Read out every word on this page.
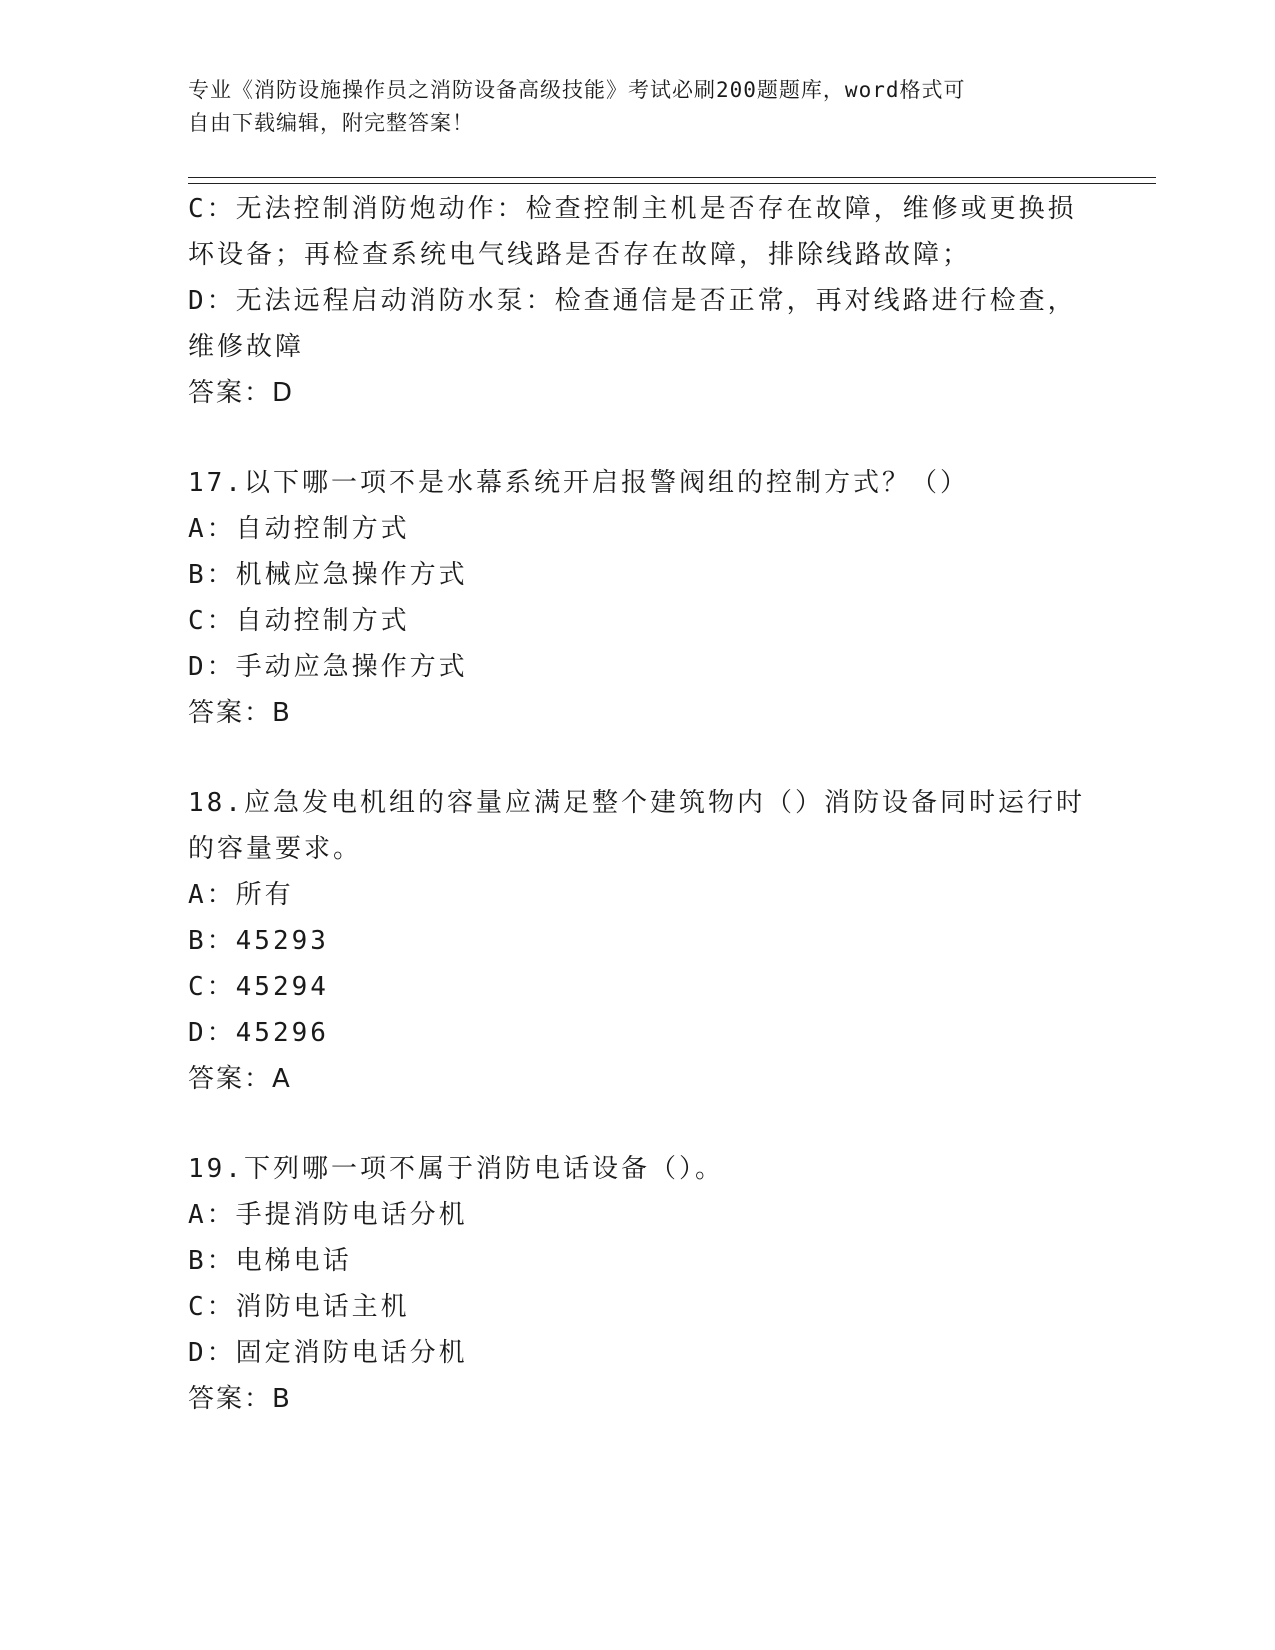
专业《消防设施操作员之消防设备高级技能》考试必刷200题题库，word格式可
自由下载编辑，附完整答案！
C：无法控制消防炮动作：检查控制主机是否存在故障，维修或更换损
坏设备；再检查系统电气线路是否存在故障，排除线路故障；
D：无法远程启动消防水泵：检查通信是否正常，再对线路进行检查，
维修故障
答案：D
17.以下哪一项不是水幕系统开启报警阀组的控制方式？（）
A：自动控制方式
B：机械应急操作方式
C：自动控制方式
D：手动应急操作方式
答案：B
18.应急发电机组的容量应满足整个建筑物内（）消防设备同时运行时
的容量要求。
A：所有
B：45293
C：45294
D：45296
答案：A
19.下列哪一项不属于消防电话设备（）。
A：手提消防电话分机
B：电梯电话
C：消防电话主机
D：固定消防电话分机
答案：B
